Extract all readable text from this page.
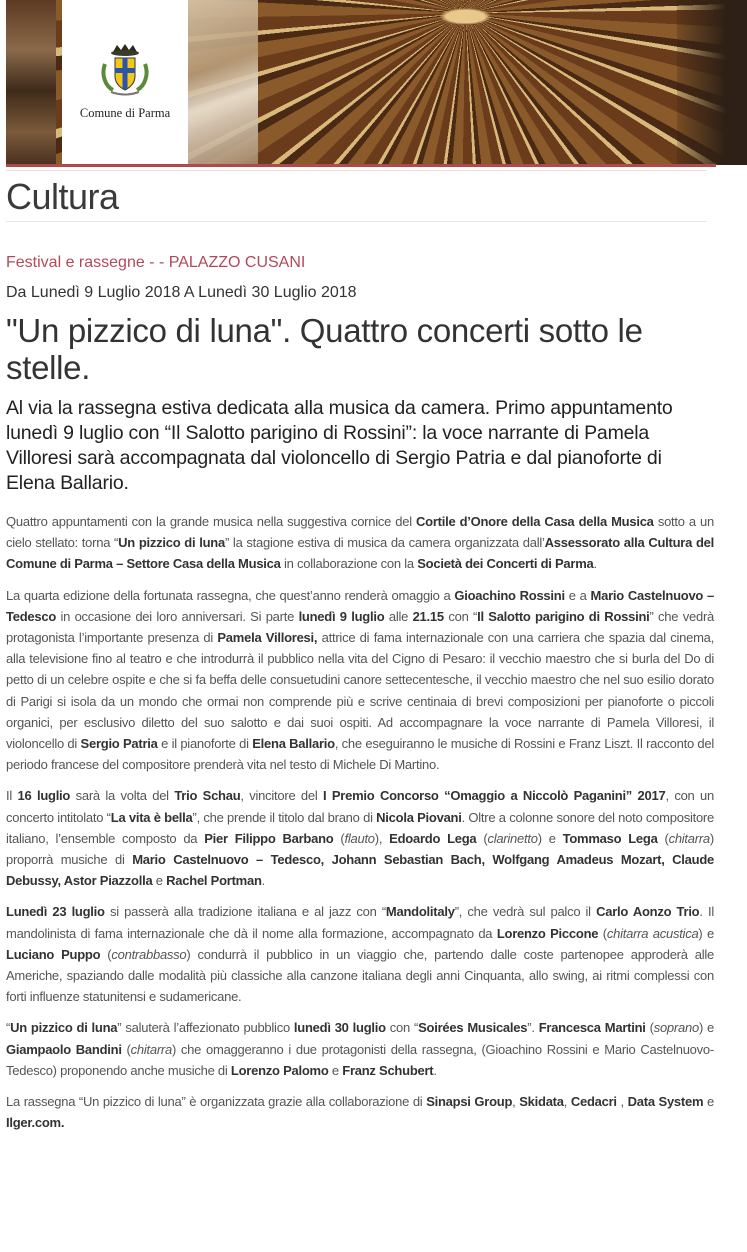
Comune di Parma
Cultura
Festival e rassegne - - PALAZZO CUSANI
Da Lunedì 9 Luglio 2018 A Lunedì 30 Luglio 2018
"Un pizzico di luna". Quattro concerti sotto le stelle.

Al via la rassegna estiva dedicata alla musica da camera. Primo appuntamento lunedì 9 luglio con “Il Salotto parigino di Rossini”: la voce narrante di Pamela Villoresi sarà accompagnata dal violoncello di Sergio Patria e dal pianoforte di Elena Ballario.

Quattro appuntamenti con la grande musica nella suggestiva cornice del Cortile d’Onore della Casa della Musica sotto a un cielo stellato: torna “Un pizzico di luna” la stagione estiva di musica da camera organizzata dall’Assessorato alla Cultura del Comune di Parma – Settore Casa della Musica in collaborazione con la Società dei Concerti di Parma.

La quarta edizione della fortunata rassegna, che quest’anno renderà omaggio a Gioachino Rossini e a Mario Castelnuovo – Tedesco in occasione dei loro anniversari. Si parte lunedì 9 luglio alle 21.15 con “Il Salotto parigino di Rossini” che vedrà protagonista l’importante presenza di Pamela Villoresi, attrice di fama internazionale con una carriera che spazia dal cinema, alla televisione fino al teatro e che introdurrà il pubblico nella vita del Cigno di Pesaro: il vecchio maestro che si burla del Do di petto di un celebre ospite e che si fa beffa delle consuetudini canore settecentesche, il vecchio maestro che nel suo esilio dorato di Parigi si isola da un mondo che ormai non comprende più e scrive centinaia di brevi composizioni per pianoforte o piccoli organici, per esclusivo diletto del suo salotto e dai suoi ospiti. Ad accompagnare la voce narrante di Pamela Villoresi, il violoncello di Sergio Patria e il pianoforte di Elena Ballario, che eseguiranno le musiche di Rossini e Franz Liszt. Il racconto del periodo francese del compositore prenderà vita nel testo di Michele Di Martino.

Il 16 luglio sarà la volta del Trio Schau, vincitore del I Premio Concorso “Omaggio a Niccolò Paganini” 2017, con un concerto intitolato “La vita è bella”, che prende il titolo dal brano di Nicola Piovani. Oltre a colonne sonore del noto compositore italiano, l’ensemble composto da Pier Filippo Barbano (flauto), Edoardo Lega (clarinetto) e Tommaso Lega (chitarra) proporrà musiche di Mario Castelnuovo – Tedesco, Johann Sebastian Bach, Wolfgang Amadeus Mozart, Claude Debussy, Astor Piazzolla e Rachel Portman.

Lunedì 23 luglio si passerà alla tradizione italiana e al jazz con “Mandolitaly”, che vedrà sul palco il Carlo Aonzo Trio. Il mandolinista di fama internazionale che dà il nome alla formazione, accompagnato da Lorenzo Piccone (chitarra acustica) e Luciano Puppo (contrabbasso) condurrà il pubblico in un viaggio che, partendo dalle coste partenopee approderà alle Americhe, spaziando dalle modalità più classiche alla canzone italiana degli anni Cinquanta, allo swing, ai ritmi complessi con forti influenze statunitensi e sudamericane.

“Un pizzico di luna” saluterà l’affezionato pubblico lunedì 30 luglio con “Soirées Musicales”. Francesca Martini (soprano) e Giampaolo Bandini (chitarra) che omaggeranno i due protagonisti della rassegna, (Gioachino Rossini e Mario Castelnuovo- Tedesco) proponendo anche musiche di Lorenzo Palomo e Franz Schubert.

La rassegna “Un pizzico di luna” è organizzata grazie alla collaborazione di Sinapsi Group, Skidata, Cedacri , Data System e Ilger.com.
